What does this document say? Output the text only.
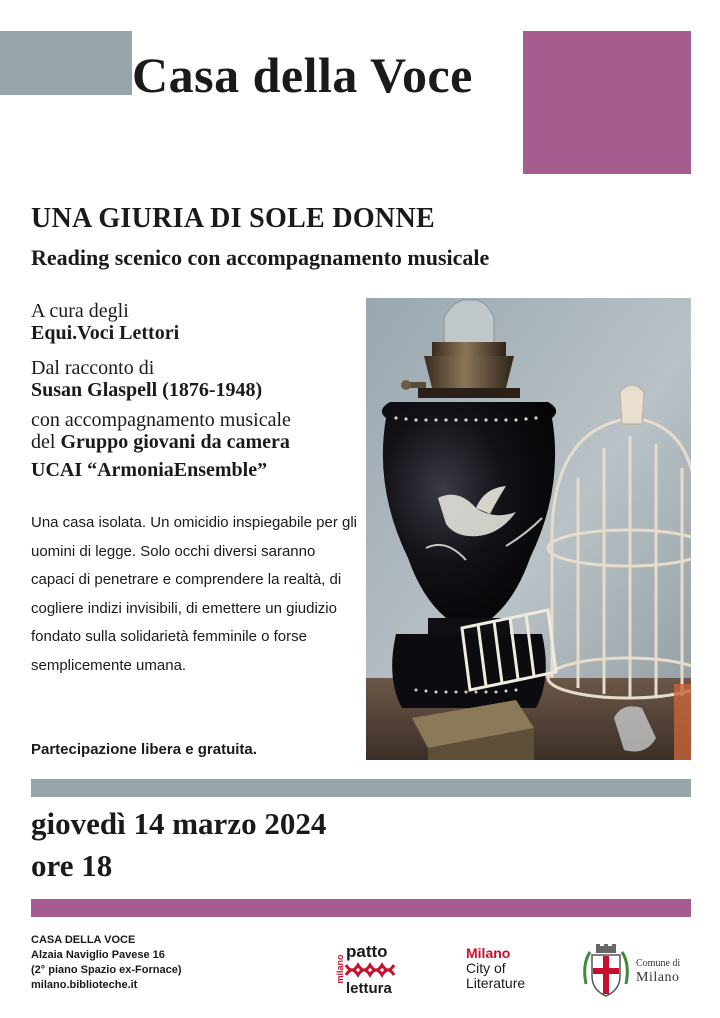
Casa della Voce
UNA GIURIA DI SOLE DONNE
Reading scenico con accompagnamento musicale
A cura degli
Equi.Voci Lettori
Dal racconto di
Susan Glaspell (1876-1948)
con accompagnamento musicale
del Gruppo giovani da camera
UCAI “ArmoniaEnsemble”
Una casa isolata. Un omicidio inspiegabile per gli uomini di legge. Solo occhi diversi saranno capaci di penetrare e comprendere la realtà, di cogliere indizi invisibili, di emettere un giudizio fondato sulla solidarietà femminile o forse semplicemente umana.
Partecipazione libera e gratuita.
giovedì 14 marzo 2024
ore 18
CASA DELLA VOCE
Alzaia Naviglio Pavese 16
(2° piano Spazio ex-Fornace)
milano.biblioteche.it
milano
patto
lettura
Milano
City of
Literature
Comune di
Milano
